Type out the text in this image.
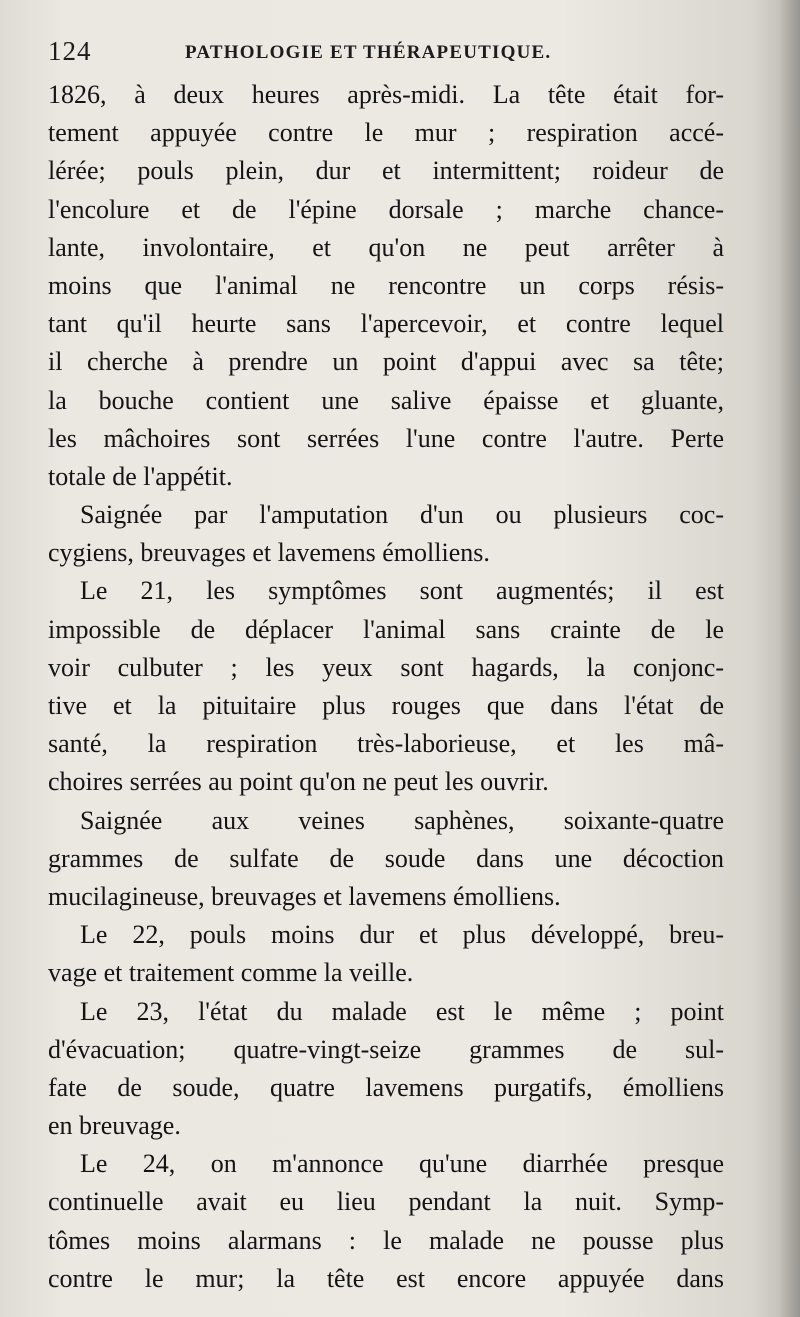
124	PATHOLOGIE ET THÉRAPEUTIQUE.
1826, à deux heures après-midi. La tête était for-
tement appuyée contre le mur ; respiration accé-
lérée; pouls plein, dur et intermittent; roideur de
l'encolure et de l'épine dorsale ; marche chance-
lante, involontaire, et qu'on ne peut arrêter à
moins que l'animal ne rencontre un corps résis-
tant qu'il heurte sans l'apercevoir, et contre lequel
il cherche à prendre un point d'appui avec sa tête;
la bouche contient une salive épaisse et gluante,
les mâchoires sont serrées l'une contre l'autre. Perte
totale de l'appétit.
Saignée par l'amputation d'un ou plusieurs coc-
cygiens, breuvages et lavemens émolliens.
Le 21, les symptômes sont augmentés; il est
impossible de déplacer l'animal sans crainte de le
voir culbuter ; les yeux sont hagards, la conjonc-
tive et la pituitaire plus rouges que dans l'état de
santé, la respiration très-laborieuse, et les mâ-
choires serrées au point qu'on ne peut les ouvrir.
Saignée aux veines saphènes, soixante-quatre
grammes de sulfate de soude dans une décoction
mucilagineuse, breuvages et lavemens émolliens.
Le 22, pouls moins dur et plus développé, breu-
vage et traitement comme la veille.
Le 23, l'état du malade est le même ; point
d'évacuation; quatre-vingt-seize grammes de sul-
fate de soude, quatre lavemens purgatifs, émolliens
en breuvage.
Le 24, on m'annonce qu'une diarrhée presque
continuelle avait eu lieu pendant la nuit. Symp-
tômes moins alarmans : le malade ne pousse plus
contre le mur; la tête est encore appuyée dans
